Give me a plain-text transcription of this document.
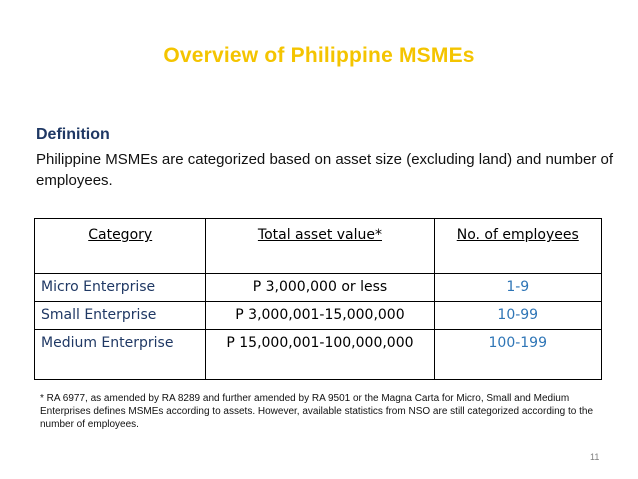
Overview of Philippine MSMEs
Definition
Philippine MSMEs are categorized based on asset size (excluding land) and number of employees.
Category	Total asset value*	No. of employees
Micro Enterprise	P 3,000,000 or less	1-9
Small Enterprise	P 3,000,001-15,000,000	10-99
Medium Enterprise	P 15,000,001-100,000,000	100-199
* RA 6977, as amended by RA 8289 and further amended by RA 9501 or the Magna Carta for Micro, Small and Medium Enterprises defines MSMEs according to assets. However, available statistics from NSO are still categorized according to the number of employees.
11
